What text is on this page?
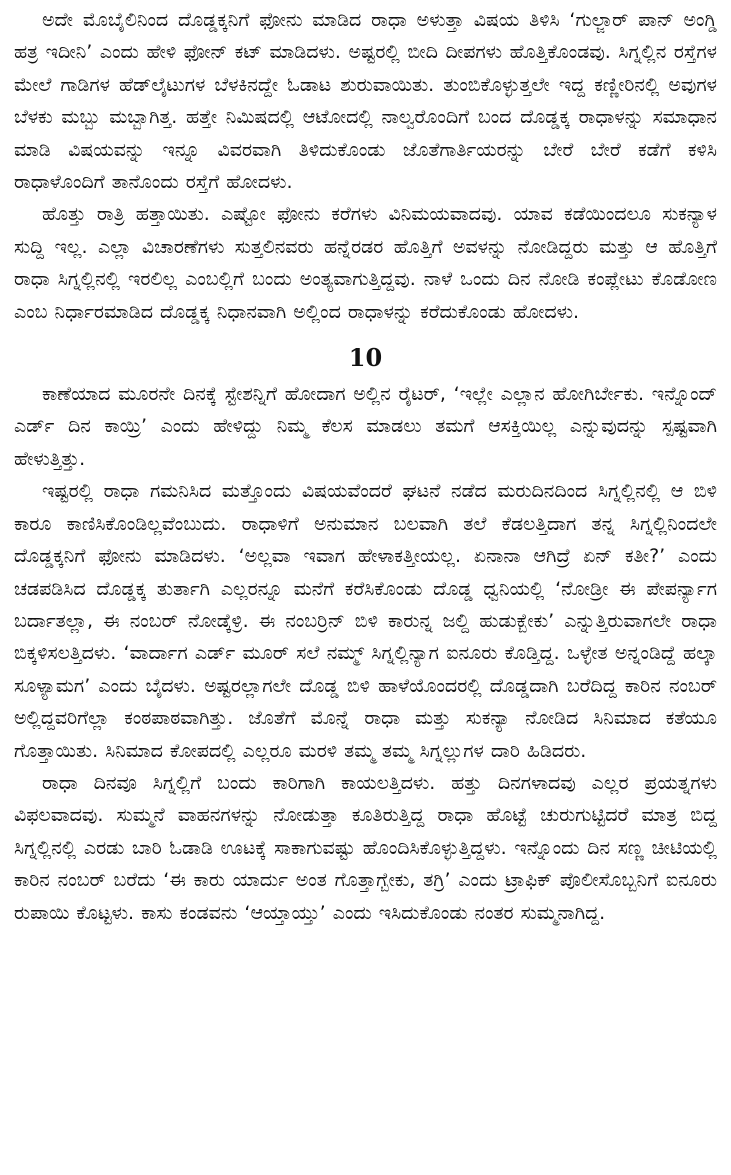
ಅದೇ ಮೊಬೈಲಿನಿಂದ ದೊಡ್ಡಕ್ಕನಿಗೆ ಫೋನು ಮಾಡಿದ ರಾಧಾ ಅಳುತ್ತಾ ವಿಷಯ ತಿಳಿಸಿ ‘ಗುಲ್ಜಾರ್ ಪಾನ್ ಅಂಗ್ಡಿ ಹತ್ರ ಇದೀನಿ’ ಎಂದು ಹೇಳಿ ಫೋನ್ ಕಟ್ ಮಾಡಿದಳು. ಅಷ್ಟರಲ್ಲಿ ಬೀದಿ ದೀಪಗಳು ಹೊತ್ತಿಕೊಂಡವು. ಸಿಗ್ನಲ್ಲಿನ ರಸ್ತೆಗಳ ಮೇಲೆ ಗಾಡಿಗಳ ಹೆಡ್‌ಲೈಟುಗಳ ಬೆಳಕಿನದ್ದೇ ಓಡಾಟ ಶುರುವಾಯಿತು. ತುಂಬಿಕೊಳ್ಳುತ್ತಲೇ ಇದ್ದ ಕಣ್ಣೀರಿನಲ್ಲಿ ಅವುಗಳ ಬೆಳಕು ಮಬ್ಬು ಮಬ್ಬಾಗಿತ್ತ. ಹತ್ತೇ ನಿಮಿಷದಲ್ಲಿ ಆಟೋದಲ್ಲಿ ನಾಲ್ವರೊಂದಿಗೆ ಬಂದ ದೊಡ್ಡಕ್ಕ ರಾಧಾಳನ್ನು ಸಮಾಧಾನ ಮಾಡಿ ವಿಷಯವನ್ನು ಇನ್ನೂ ವಿವರವಾಗಿ ತಿಳಿದುಕೊಂಡು ಜೊತೆಗಾರ್ತಿಯರನ್ನು ಬೇರೆ ಬೇರೆ ಕಡೆಗೆ ಕಳಿಸಿ ರಾಧಾಳೊಂದಿಗೆ ತಾನೊಂದು ರಸ್ತೆಗೆ ಹೋದಳು.

ಹೊತ್ತು ರಾತ್ರಿ ಹತ್ತಾಯಿತು. ಎಷ್ಟೋ ಫೋನು ಕರೆಗಳು ವಿನಿಮಯವಾದವು. ಯಾವ ಕಡೆಯಿಂದಲೂ ಸುಕನ್ಯಾಳ ಸುದ್ದಿ ಇಲ್ಲ. ಎಲ್ಲಾ ವಿಚಾರಣೆಗಳು ಸುತ್ತಲಿನವರು ಹನ್ನೆರಡರ ಹೊತ್ತಿಗೆ ಅವಳನ್ನು ನೋಡಿದ್ದರು ಮತ್ತು ಆ ಹೊತ್ತಿಗೆ ರಾಧಾ ಸಿಗ್ನಲ್ಲಿನಲ್ಲಿ ಇರಲಿಲ್ಲ ಎಂಬಲ್ಲಿಗೆ ಬಂದು ಅಂತ್ಯವಾಗುತ್ತಿದ್ದವು. ನಾಳೆ ಒಂದು ದಿನ ನೋಡಿ ಕಂಪ್ಲೇಟು ಕೊಡೋಣ ಎಂಬ ನಿರ್ಧಾರಮಾಡಿದ ದೊಡ್ಡಕ್ಕ ನಿಧಾನವಾಗಿ ಅಲ್ಲಿಂದ ರಾಧಾಳನ್ನು ಕರೆದುಕೊಂಡು ಹೋದಳು.

10

ಕಾಣೆಯಾದ ಮೂರನೇ ದಿನಕ್ಕೆ ಸ್ಟೇಶನ್ನಿಗೆ ಹೋದಾಗ ಅಲ್ಲಿನ ರೈಟರ್, ‘ಇಲ್ಲೇ ಎಲ್ಲಾನ ಹೋಗಿರ್ಬೇಕು. ಇನ್ನೊಂದ್ ಎರ್ಡ್ ದಿನ ಕಾಯ್ರಿ’ ಎಂದು ಹೇಳಿದ್ದು ನಿಮ್ಮ ಕೆಲಸ ಮಾಡಲು ತಮಗೆ ಆಸಕ್ತಿಯಿಲ್ಲ ಎನ್ನುವುದನ್ನು ಸ್ಪಷ್ಟವಾಗಿ ಹೇಳುತ್ತಿತ್ತು.

ಇಷ್ಟರಲ್ಲಿ ರಾಧಾ ಗಮನಿಸಿದ ಮತ್ತೊಂದು ವಿಷಯವೆಂದರೆ ಘಟನೆ ನಡೆದ ಮರುದಿನದಿಂದ ಸಿಗ್ನಲ್ಲಿನಲ್ಲಿ ಆ ಬಿಳಿ ಕಾರೂ ಕಾಣಿಸಿಕೊಂಡಿಲ್ಲವೆಂಬುದು. ರಾಧಾಳಿಗೆ ಅನುಮಾನ ಬಲವಾಗಿ ತಲೆ ಕೆಡಲತ್ತಿದಾಗ ತನ್ನ ಸಿಗ್ನಲ್ಲಿನಿಂದಲೇ ದೊಡ್ಡಕ್ಕನಿಗೆ ಫೋನು ಮಾಡಿದಳು. ‘ಅಲ್ಲವಾ ಇವಾಗ ಹೇಳಾಕತ್ತೀಯಲ್ಲ. ಏನಾನಾ ಆಗಿದ್ರೆ ಏನ್ ಕತೀ?’ ಎಂದು ಚಡಪಡಿಸಿದ ದೊಡ್ಡಕ್ಕ ತುರ್ತಾಗಿ ಎಲ್ಲರನ್ನೂ ಮನೆಗೆ ಕರೆಸಿಕೊಂಡು ದೊಡ್ಡ ಧ್ವನಿಯಲ್ಲಿ ‘ನೋಡ್ರೀ ಈ ಪೇಪರ್ನ್ಯಾಗ ಬರ್ದಾತಲ್ಲಾ, ಈ ನಂಬರ್ ನೋಡ್ಕೆಳ್ರಿ. ಈ ನಂಬರ್ರಿನ್ ಬಿಳಿ ಕಾರುನ್ನ ಜಲ್ದಿ ಹುಡುಕ್ಬೇಕು’ ಎನ್ನುತ್ತಿರುವಾಗಲೇ ರಾಧಾ ಬಿಕ್ಕಳಿಸಲತ್ತಿದಳು. ‘ವಾರ್ದಾಗ ಎರ್ಡ್ ಮೂರ್ ಸಲೆ ನಮ್ಮ್ ಸಿಗ್ನಲ್ಲಿನ್ಯಾಗ ಐನೂರು ಕೊಡ್ತಿದ್ದ. ಒಳ್ಳೇತ ಅನ್ನಂಡಿದ್ದೆ ಹಲ್ಕಾ ಸೂಳ್ಯಾಮಗ’ ಎಂದು ಬೈದಳು. ಅಷ್ಟರಲ್ಲಾಗಲೇ ದೊಡ್ಡ ಬಿಳಿ ಹಾಳೆಯೊಂದರಲ್ಲಿ ದೊಡ್ಡದಾಗಿ ಬರೆದಿದ್ದ ಕಾರಿನ ನಂಬರ್ ಅಲ್ಲಿದ್ದವರಿಗೆಲ್ಲಾ ಕಂಠಪಾಠವಾಗಿತ್ತು. ಜೊತೆಗೆ ಮೊನ್ನೆ ರಾಧಾ ಮತ್ತು ಸುಕನ್ಯಾ ನೋಡಿದ ಸಿನಿಮಾದ ಕತೆಯೂ ಗೊತ್ತಾಯಿತು. ಸಿನಿಮಾದ ಕೋಪದಲ್ಲಿ ಎಲ್ಲರೂ ಮರಳಿ ತಮ್ಮ ತಮ್ಮ ಸಿಗ್ನಲ್ಲುಗಳ ದಾರಿ ಹಿಡಿದರು.

ರಾಧಾ ದಿನವೂ ಸಿಗ್ನಲ್ಲಿಗೆ ಬಂದು ಕಾರಿಗಾಗಿ ಕಾಯಲತ್ತಿದಳು. ಹತ್ತು ದಿನಗಳಾದವು ಎಲ್ಲರ ಪ್ರಯತ್ನಗಳು ವಿಫಲವಾದವು. ಸುಮ್ಮನೆ ವಾಹನಗಳನ್ನು ನೋಡುತ್ತಾ ಕೂತಿರುತ್ತಿದ್ದ ರಾಧಾ ಹೊಟ್ಟೆ ಚುರುಗುಟ್ಟಿದರೆ ಮಾತ್ರ ಬಿದ್ದ ಸಿಗ್ನಲ್ಲಿನಲ್ಲಿ ಎರಡು ಬಾರಿ ಓಡಾಡಿ ಊಟಕ್ಕೆ ಸಾಕಾಗುವಷ್ಟು ಹೊಂದಿಸಿಕೊಳ್ಳುತ್ತಿದ್ದಳು. ಇನ್ನೊಂದು ದಿನ ಸಣ್ಣ ಚೀಟಿಯಲ್ಲಿ ಕಾರಿನ ನಂಬರ್ ಬರೆದು ‘ಈ ಕಾರು ಯಾರ್ದು ಅಂತ ಗೊತ್ತಾಗ್ಬೇಕು, ತಗ್ರಿ’ ಎಂದು ಟ್ರಾಫಿಕ್ ಪೊಲೀಸೊಬ್ಬನಿಗೆ ಐನೂರು ರುಪಾಯಿ ಕೊಟ್ಟಳು. ಕಾಸು ಕಂಡವನು ‘ಆಯ್ತಾಯ್ತು’ ಎಂದು ಇಸಿದುಕೊಂಡು ನಂತರ ಸುಮ್ಮನಾಗಿದ್ದ.
